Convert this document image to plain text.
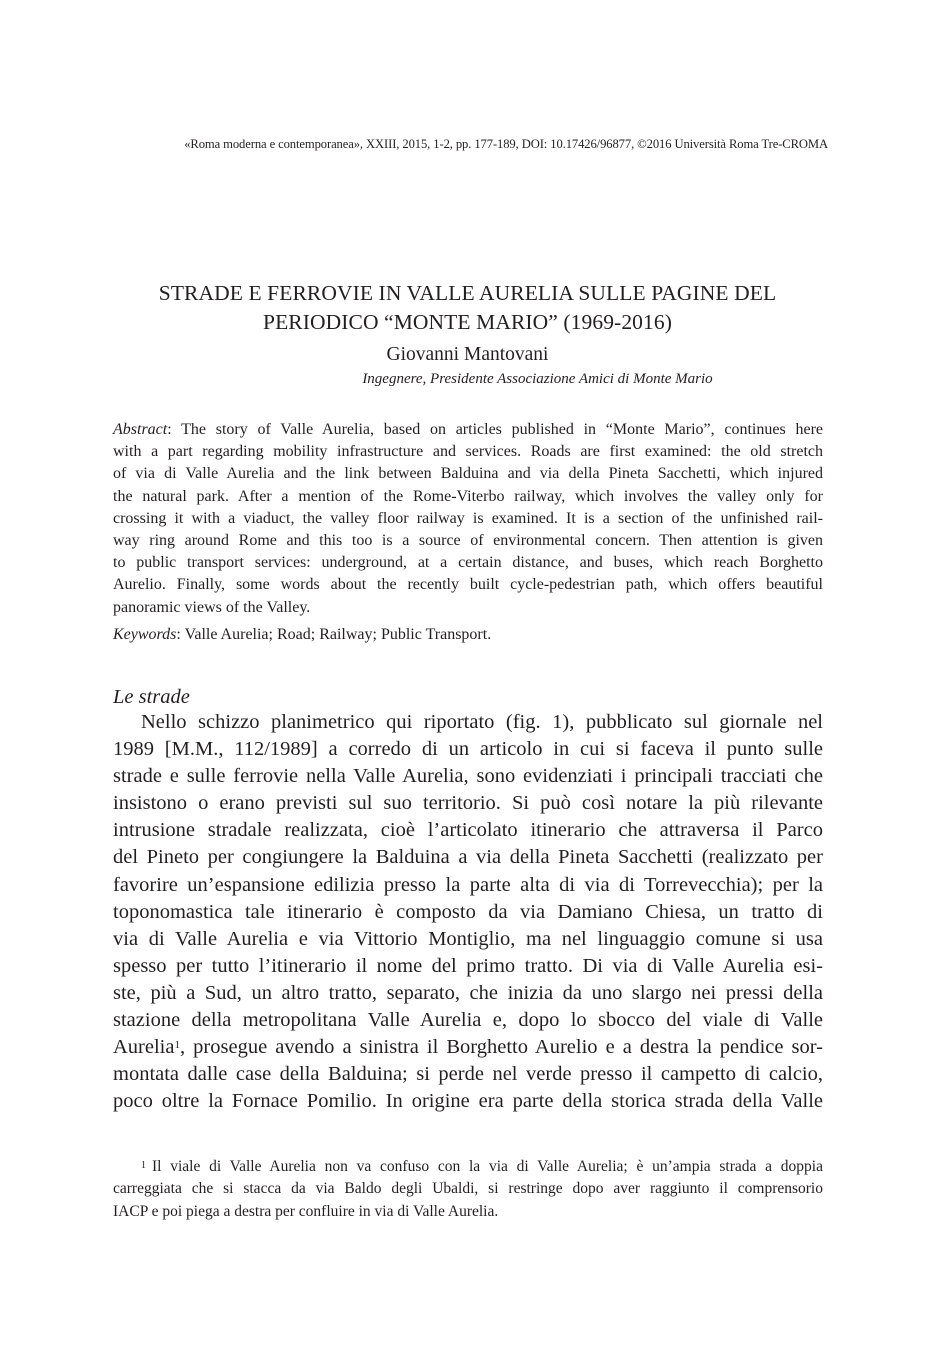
«Roma moderna e contemporanea», XXIII, 2015, 1-2, pp. 177-189, DOI: 10.17426/96877, ©2016 Università Roma Tre-CROMA
STRADE E FERROVIE IN VALLE AURELIA SULLE PAGINE DEL
PERIODICO “MONTE MARIO” (1969-2016)
Giovanni Mantovani
Ingegnere, Presidente Associazione Amici di Monte Mario
Abstract: The story of Valle Aurelia, based on articles published in “Monte Mario”, continues here
with a part regarding mobility infrastructure and services. Roads are first examined: the old stretch
of via di Valle Aurelia and the link between Balduina and via della Pineta Sacchetti, which injured
the natural park. After a mention of the Rome-Viterbo railway, which involves the valley only for
crossing it with a viaduct, the valley floor railway is examined. It is a section of the unfinished rail-
way ring around Rome and this too is a source of environmental concern. Then attention is given
to public transport services: underground, at a certain distance, and buses, which reach Borghetto
Aurelio. Finally, some words about the recently built cycle-pedestrian path, which offers beautiful
panoramic views of the Valley.
Keywords: Valle Aurelia; Road; Railway; Public Transport.
Le strade
Nello schizzo planimetrico qui riportato (fig. 1), pubblicato sul giornale nel
1989 [M.M., 112/1989] a corredo di un articolo in cui si faceva il punto sulle
strade e sulle ferrovie nella Valle Aurelia, sono evidenziati i principali tracciati che
insistono o erano previsti sul suo territorio. Si può così notare la più rilevante
intrusione stradale realizzata, cioè l’articolato itinerario che attraversa il Parco
del Pineto per congiungere la Balduina a via della Pineta Sacchetti (realizzato per
favorire un’espansione edilizia presso la parte alta di via di Torrevecchia); per la
toponomastica tale itinerario è composto da via Damiano Chiesa, un tratto di
via di Valle Aurelia e via Vittorio Montiglio, ma nel linguaggio comune si usa
spesso per tutto l’itinerario il nome del primo tratto. Di via di Valle Aurelia esi-
ste, più a Sud, un altro tratto, separato, che inizia da uno slargo nei pressi della
stazione della metropolitana Valle Aurelia e, dopo lo sbocco del viale di Valle
Aurelia$^1$, prosegue avendo a sinistra il Borghetto Aurelio e a destra la pendice sor-
montata dalle case della Balduina; si perde nel verde presso il campetto di calcio,
poco oltre la Fornace Pomilio. In origine era parte della storica strada della Valle
$^1$ Il viale di Valle Aurelia non va confuso con la via di Valle Aurelia; è un’ampia strada a doppia
carreggiata che si stacca da via Baldo degli Ubaldi, si restringe dopo aver raggiunto il comprensorio
IACP e poi piega a destra per confluire in via di Valle Aurelia.
